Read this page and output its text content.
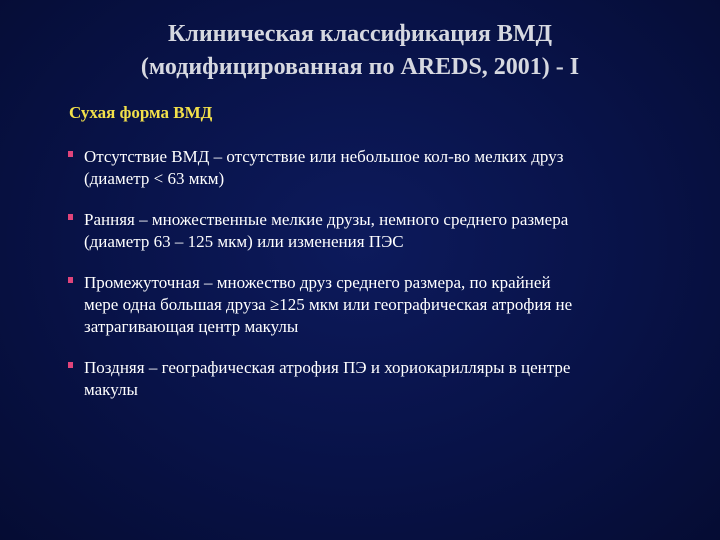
Клиническая классификация ВМД
(модифицированная по AREDS, 2001) - I
Сухая форма ВМД
Отсутствие ВМД – отсутствие или небольшое кол-во мелких друз
(диаметр < 63 мкм)
Ранняя – множественные мелкие друзы, немного среднего размера
(диаметр 63 – 125 мкм) или изменения ПЭС
Промежуточная – множество друз среднего размера, по крайней
мере одна большая друза ≥125 мкм или географическая атрофия не
затрагивающая центр макулы
Поздняя – географическая атрофия ПЭ и хориокарилляры в центре
макулы
